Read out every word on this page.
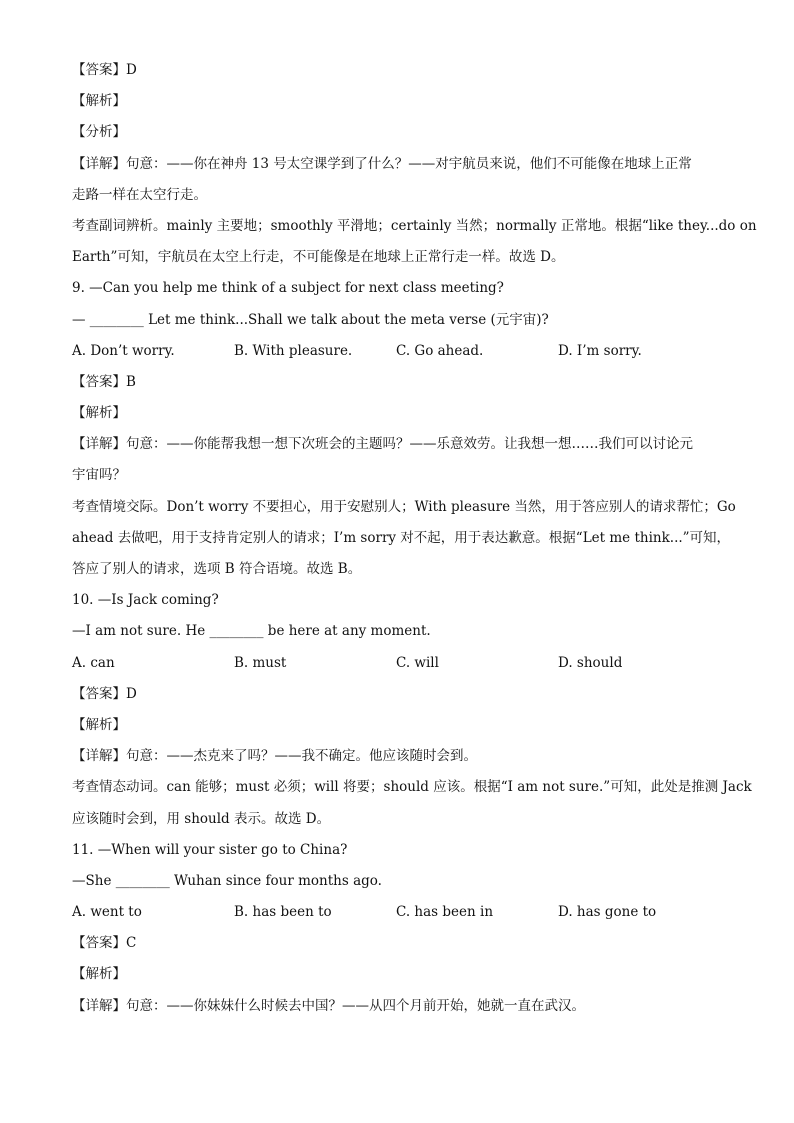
【答案】D
【解析】
【分析】
【详解】句意：——你在神舟 13 号太空课学到了什么？——对宇航员来说，他们不可能像在地球上正常
走路一样在太空行走。
考查副词辨析。mainly 主要地；smoothly 平滑地；certainly 当然；normally 正常地。根据“like they...do on
Earth”可知，宇航员在太空上行走，不可能像是在地球上正常行走一样。故选 D。
9. —Can you help me think of a subject for next class meeting?
— ________ Let me think...Shall we talk about the meta verse (元宇宙)?
A. Don’t worry.	B. With pleasure.	C. Go ahead.	D. I’m sorry.
【答案】B
【解析】
【详解】句意：——你能帮我想一想下次班会的主题吗？——乐意效劳。让我想一想……我们可以讨论元
宇宙吗？
考查情境交际。Don’t worry 不要担心，用于安慰别人；With pleasure 当然，用于答应别人的请求帮忙；Go
ahead 去做吧，用于支持肯定别人的请求；I’m sorry 对不起，用于表达歉意。根据“Let me think...”可知，
答应了别人的请求，选项 B 符合语境。故选 B。
10. —Is Jack coming?
—I am not sure. He ________ be here at any moment.
A. can	B. must	C. will	D. should
【答案】D
【解析】
【详解】句意：——杰克来了吗？——我不确定。他应该随时会到。
考查情态动词。can 能够；must 必须；will 将要；should 应该。根据“I am not sure.”可知，此处是推测 Jack
应该随时会到，用 should 表示。故选 D。
11. —When will your sister go to China?
—She ________ Wuhan since four months ago.
A. went to	B. has been to	C. has been in	D. has gone to
【答案】C
【解析】
【详解】句意：——你妹妹什么时候去中国？——从四个月前开始，她就一直在武汉。
